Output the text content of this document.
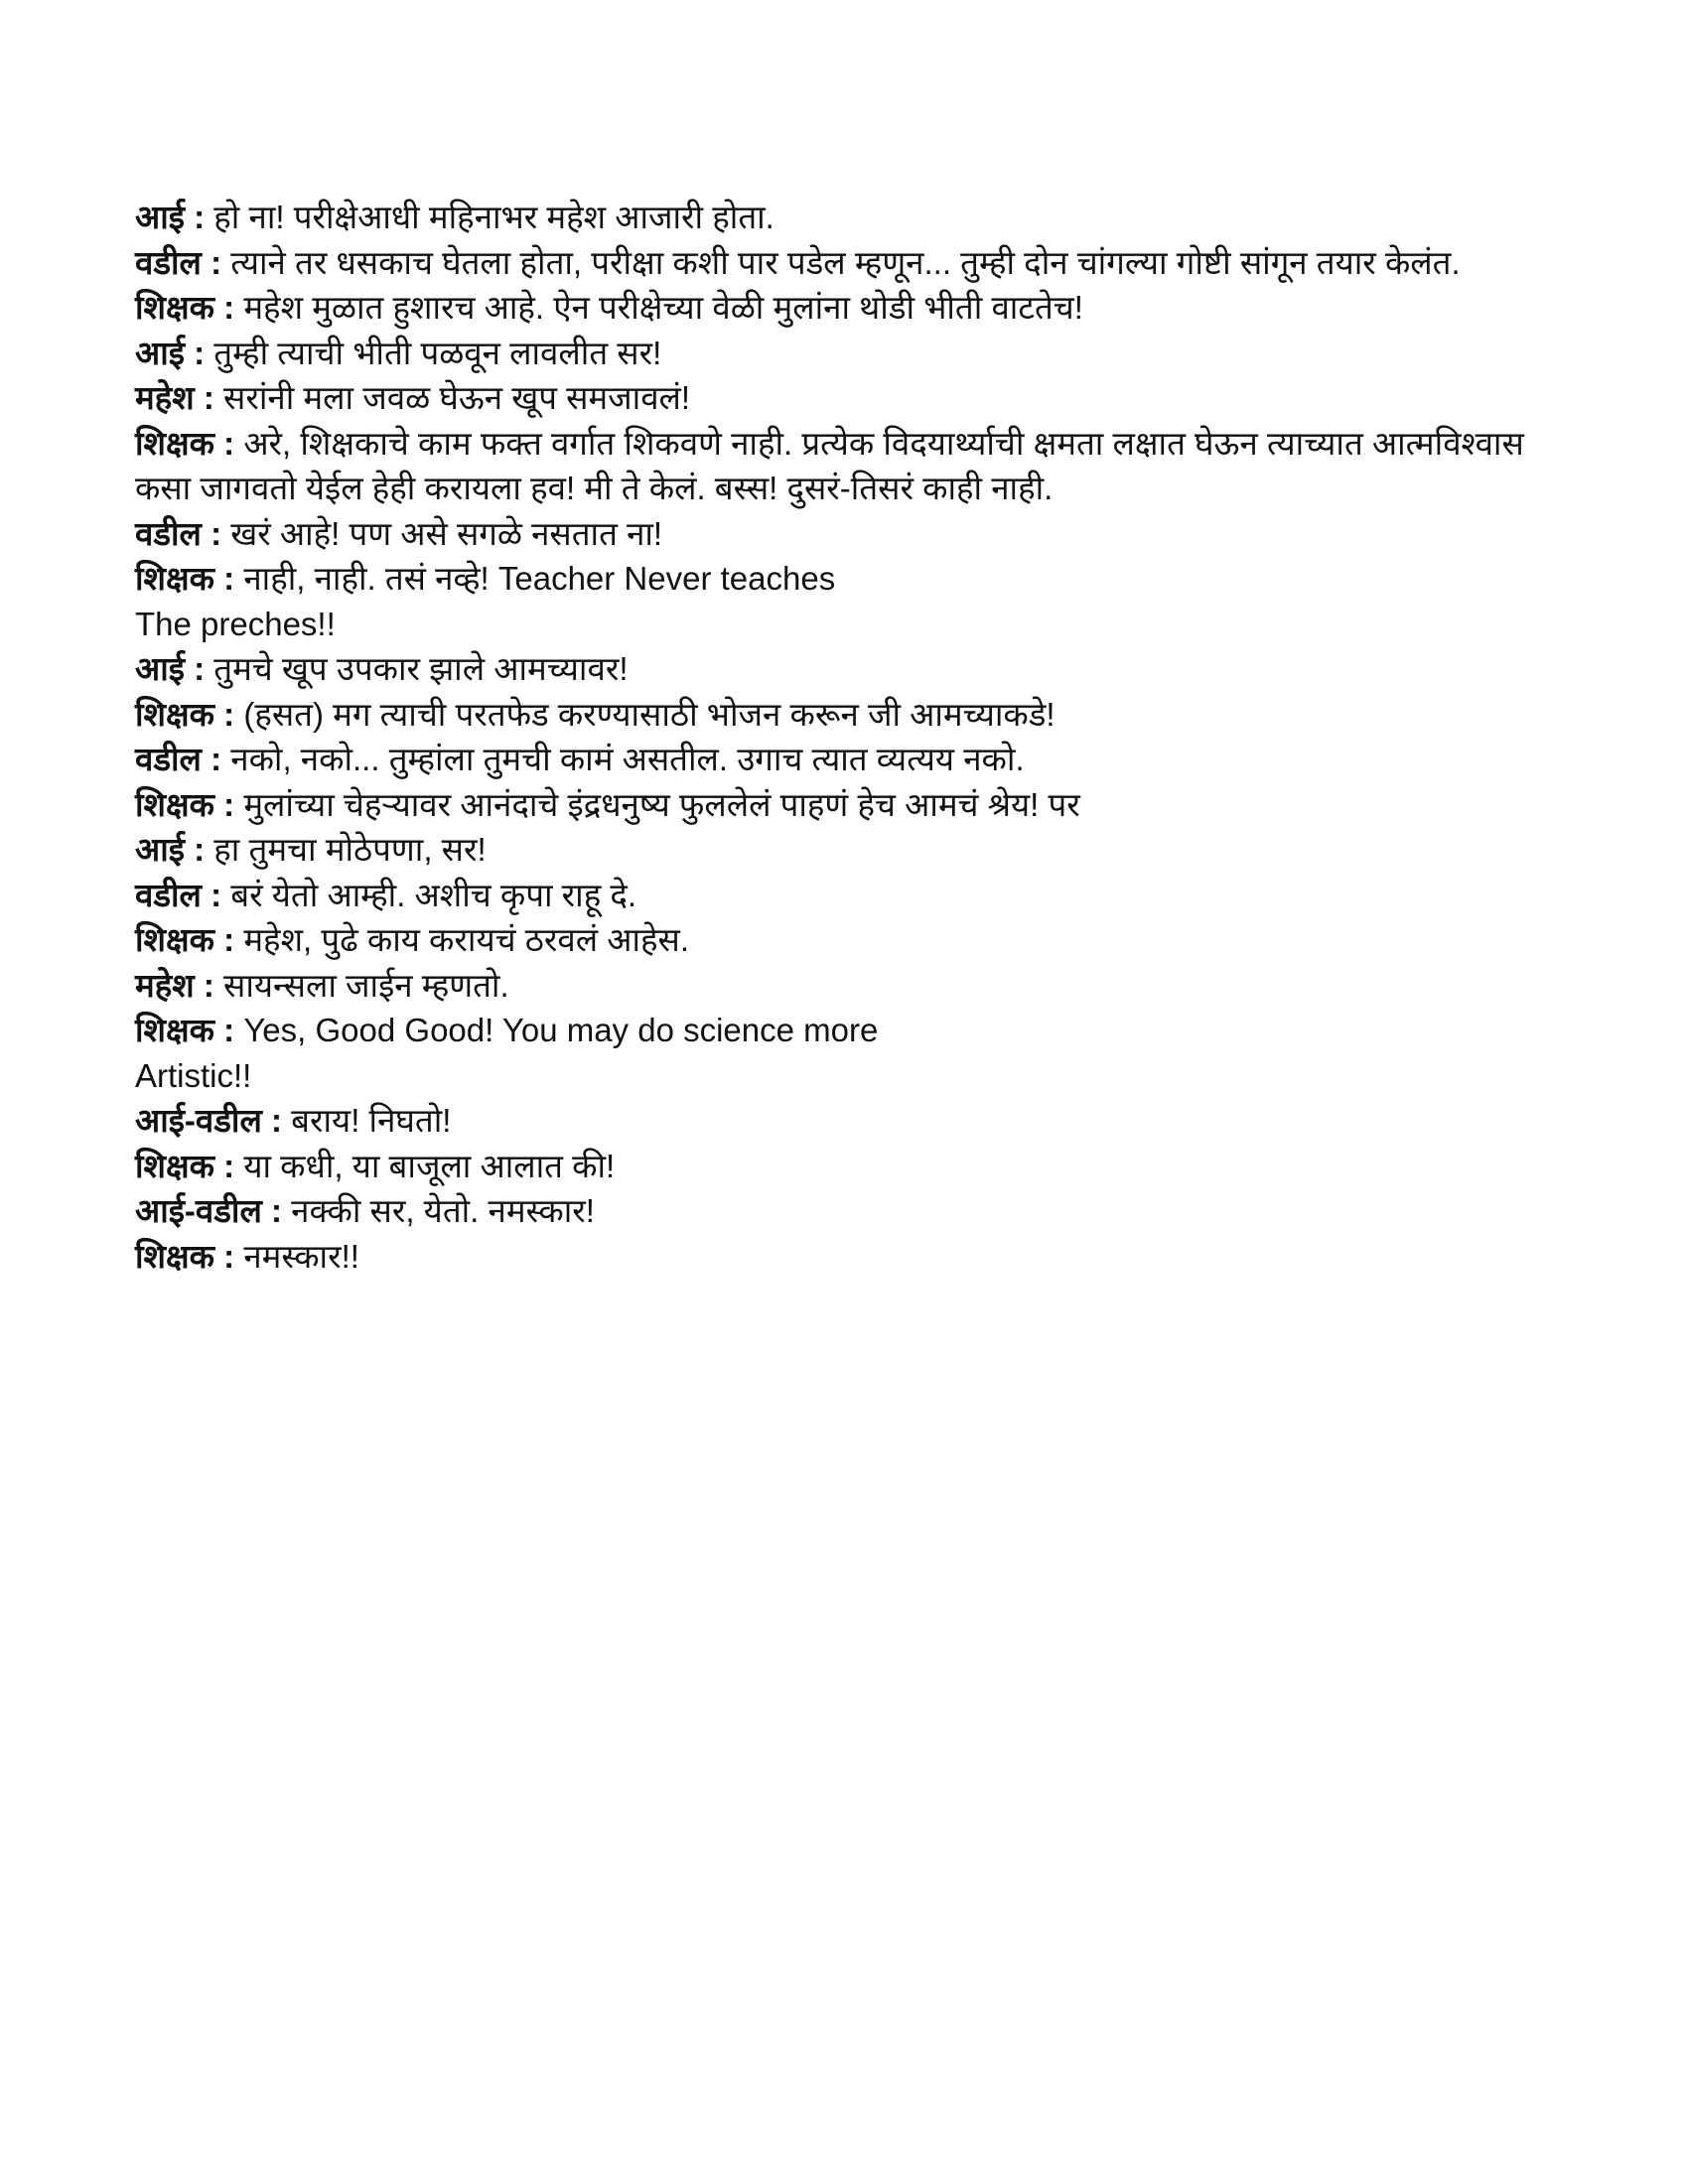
आई : हो ना! परीक्षेआधी महिनाभर महेश आजारी होता.

वडील : त्याने तर धसकाच घेतला होता, परीक्षा कशी पार पडेल म्हणून... तुम्ही दोन चांगल्या गोष्टी सांगून तयार केलंत.

शिक्षक : महेश मुळात हुशारच आहे. ऐन परीक्षेच्या वेळी मुलांना थोडी भीती वाटतेच!

आई : तुम्ही त्याची भीती पळवून लावलीत सर!

महेश : सरांनी मला जवळ घेऊन खूप समजावलं!

शिक्षक : अरे, शिक्षकाचे काम फक्त वर्गात शिकवणे नाही. प्रत्येक विदयार्थ्याची क्षमता लक्षात घेऊन त्याच्यात आत्मविश्वास कसा जागवतो येईल हेही करायला हव! मी ते केलं. बस्स! दुसरं-तिसरं काही नाही.

वडील : खरं आहे! पण असे सगळे नसतात ना!

शिक्षक : नाही, नाही. तसं नव्हे! Teacher Never teaches

The preches!!

आई : तुमचे खूप उपकार झाले आमच्यावर!

शिक्षक : (हसत) मग त्याची परतफेड करण्यासाठी भोजन करून जी आमच्याकडे!

वडील : नको, नको... तुम्हांला तुमची कामं असतील. उगाच त्यात व्यत्यय नको.

शिक्षक : मुलांच्या चेहऱ्यावर आनंदाचे इंद्रधनुष्य फुललेलं पाहणं हेच आमचं श्रेय! पर

आई : हा तुमचा मोठेपणा, सर!

वडील : बरं येतो आम्ही. अशीच कृपा राहू दे.

शिक्षक : महेश, पुढे काय करायचं ठरवलं आहेस.

महेश : सायन्सला जाईन म्हणतो.

शिक्षक : Yes, Good Good! You may do science more

Artistic!!

आई-वडील : बराय! निघतो!

शिक्षक : या कधी, या बाजूला आलात की!

आई-वडील : नक्की सर, येतो. नमस्कार!

शिक्षक : नमस्कार!!
